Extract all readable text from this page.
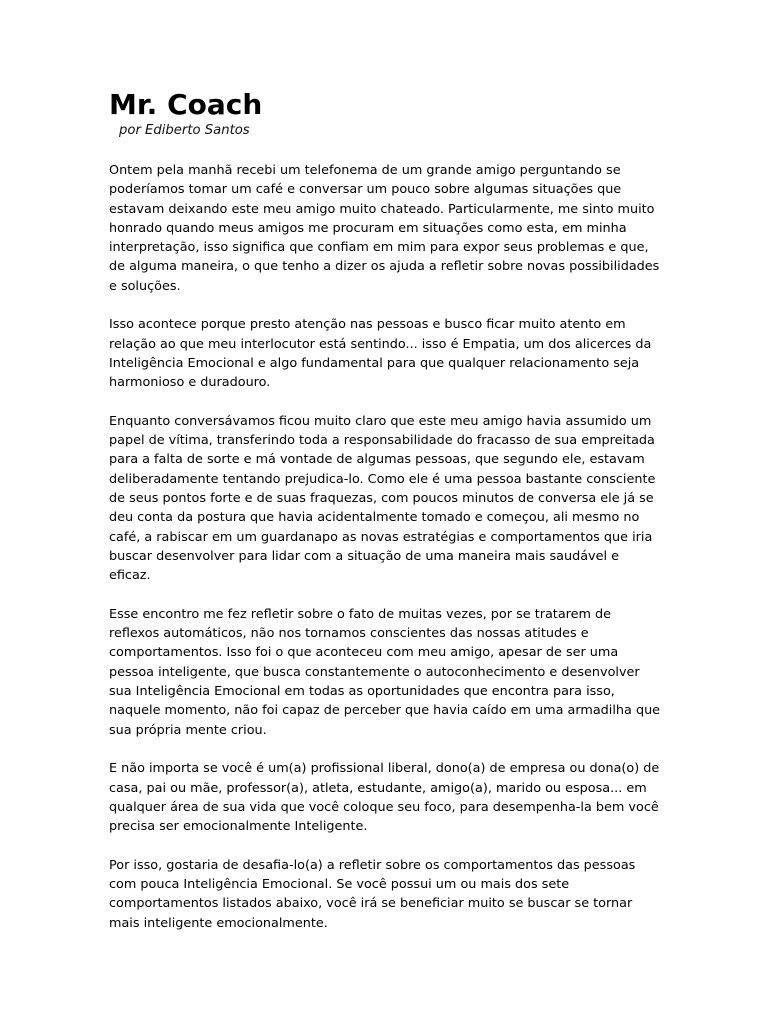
Mr. Coach

por Ediberto Santos

Ontem pela manhã recebi um telefonema de um grande amigo perguntando se poderíamos tomar um café e conversar um pouco sobre algumas situações que estavam deixando este meu amigo muito chateado. Particularmente, me sinto muito honrado quando meus amigos me procuram em situações como esta, em minha interpretação, isso significa que confiam em mim para expor seus problemas e que, de alguma maneira, o que tenho a dizer os ajuda a refletir sobre novas possibilidades e soluções.

Isso acontece porque presto atenção nas pessoas e busco ficar muito atento em relação ao que meu interlocutor está sentindo... isso é Empatia, um dos alicerces da Inteligência Emocional e algo fundamental para que qualquer relacionamento seja harmonioso e duradouro.

Enquanto conversávamos ficou muito claro que este meu amigo havia assumido um papel de vítima, transferindo toda a responsabilidade do fracasso de sua empreitada para a falta de sorte e má vontade de algumas pessoas, que segundo ele, estavam deliberadamente tentando prejudica-lo. Como ele é uma pessoa bastante consciente de seus pontos forte e de suas fraquezas, com poucos minutos de conversa ele já se deu conta da postura que havia acidentalmente tomado e começou, ali mesmo no café, a rabiscar em um guardanapo as novas estratégias e comportamentos que iria buscar desenvolver para lidar com a situação de uma maneira mais saudável e eficaz.

Esse encontro me fez refletir sobre o fato de muitas vezes, por se tratarem de reflexos automáticos, não nos tornamos conscientes das nossas atitudes e comportamentos. Isso foi o que aconteceu com meu amigo, apesar de ser uma pessoa inteligente, que busca constantemente o autoconhecimento e desenvolver sua Inteligência Emocional em todas as oportunidades que encontra para isso, naquele momento, não foi capaz de perceber que havia caído em uma armadilha que sua própria mente criou.

E não importa se você é um(a) profissional liberal, dono(a) de empresa ou dona(o) de casa, pai ou mãe, professor(a), atleta, estudante, amigo(a), marido ou esposa... em qualquer área de sua vida que você coloque seu foco, para desempenha-la bem você precisa ser emocionalmente Inteligente.

Por isso, gostaria de desafia-lo(a) a refletir sobre os comportamentos das pessoas com pouca Inteligência Emocional. Se você possui um ou mais dos sete comportamentos listados abaixo, você irá se beneficiar muito se buscar se tornar mais inteligente emocionalmente.
